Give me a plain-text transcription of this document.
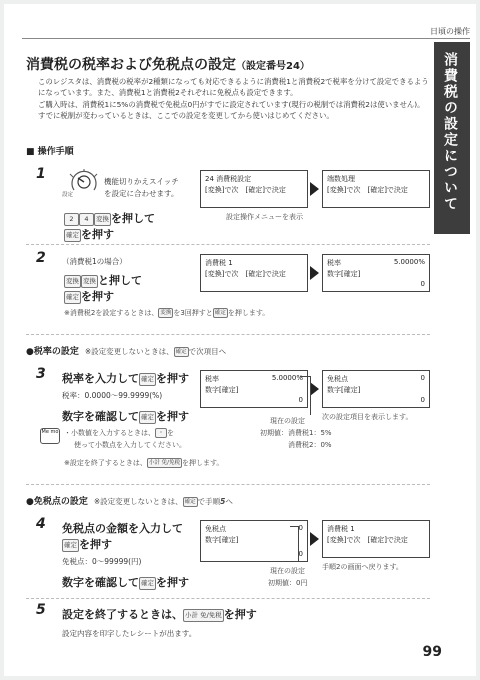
日頃の操作
消費税の設定について
消費税の税率および免税点の設定（設定番号24）
このレジスタは、消費税の税率が2種類になっても対応できるように消費税1と消費税2で税率を分けて設定できるようになっています。また、消費税1と消費税2それぞれに免税点も設定できます。
ご購入時は、消費税1に5%の消費税で免税点0円がすでに設定されています(現行の税制では消費税2は使いません)。
すでに税制が変わっているときは、ここでの設定を変更してから使いはじめてください。
■ 操作手順
1
設定
機能切りかえスイッチ
を設定に合わせます。
2 4 変換 を押して
確定 を押す
24 消費税設定
[変換]で次　[確定]で決定
端数処理
[変換]で次　[確定]で決定
設定操作メニューを表示
2 （消費税1の場合）
変換 変換 と押して
確定 を押す
消費税 1
[変換]で次　[確定]で決定
税率	5.0000%
数字[確定]
0
※消費税2を設定するときは、 変換 を3回押すと 確定 を押します。
●税率の設定 ※設定変更しないときは、 確定 で次項目へ
3 税率を入力して 確定 を押す
税率：0.0000～99.9999(%)
数字を確認して 確定 を押す
Me mo ・小数値を入力するときは、 ・ を
使って小数点を入力してください。
※設定を終了するときは、 小計 免/免税 を押します。
税率	5.0000%
数字[確定]
0
免税点	0
数字[確定]
0
現在の設定
初期値：消費税1：5%
消費税2：0%
次の設定項目を表示します。
●免税点の設定 ※設定変更しないときは、 確定 で手順5へ
4 免税点の金額を入力して
確定 を押す
免税点：0～99999(円)
数字を確認して 確定 を押す
免税点	0
数字[確定]
0
消費税 1
[変換]で次　[確定]で決定
現在の設定
初期値：0円
手順2の画面へ戻ります。
5 設定を終了するときは、 小計 免/免税 を押す
設定内容を印字したレシートが出ます。
99
